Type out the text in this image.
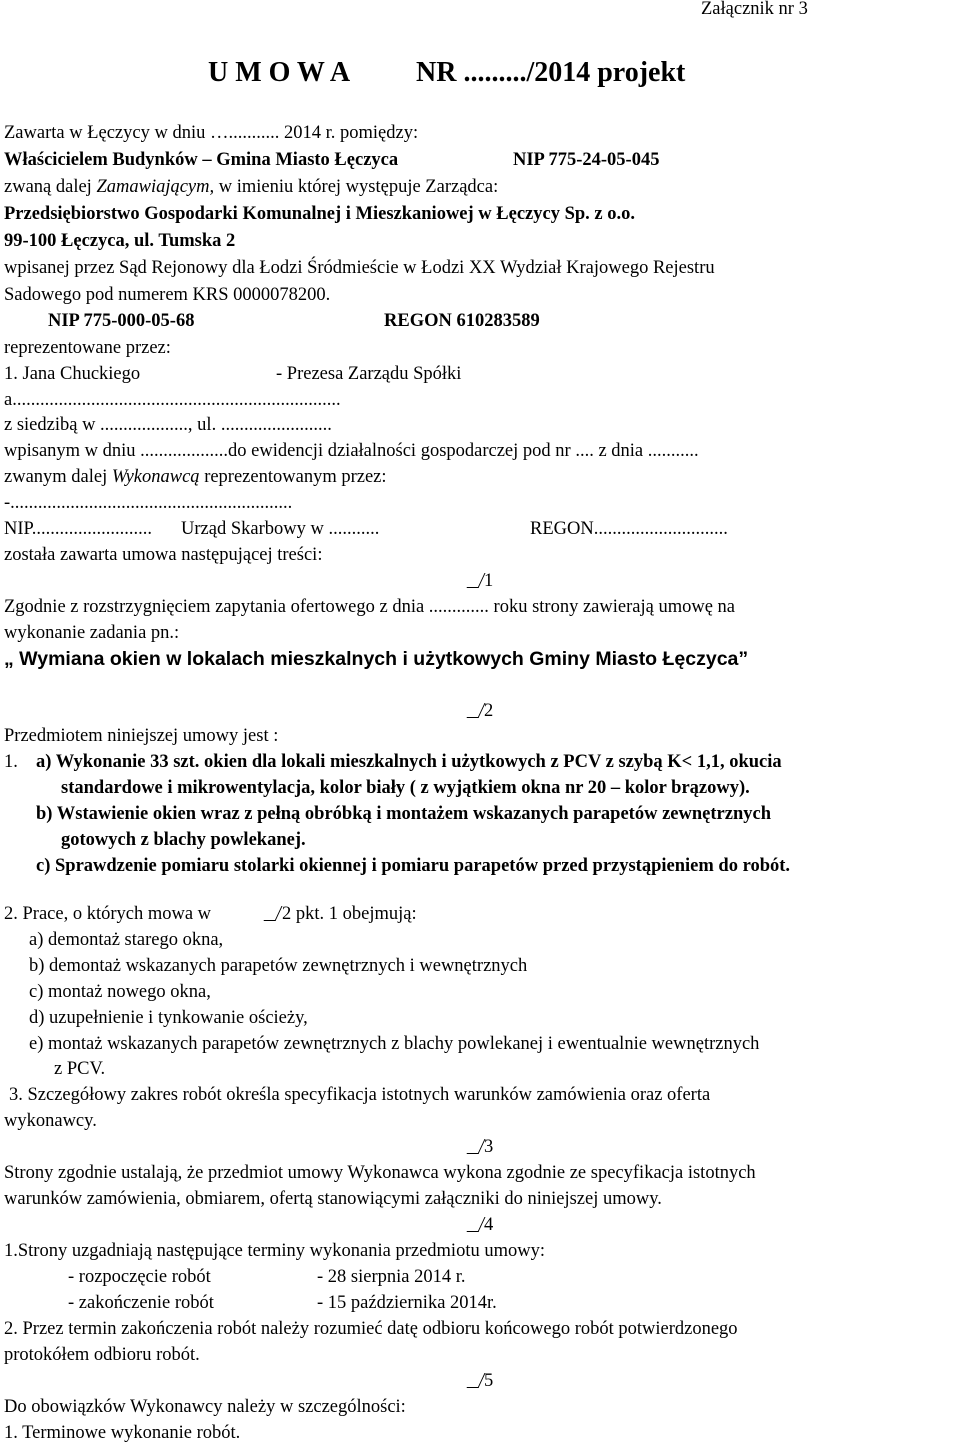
Załącznik nr 3
U M O W A NR ........./2014 projekt
Zawarta w Łęczycy w dniu …........... 2014 r. pomiędzy:
Właścicielem Budynków – Gmina Miasto Łęczyca	NIP 775-24-05-045
zwaną dalej Zamawiającym, w imieniu której występuje Zarządca:
Przedsiębiorstwo Gospodarki Komunalnej i Mieszkaniowej w Łęczycy Sp. z o.o.
99-100 Łęczyca, ul. Tumska 2
wpisanej przez Sąd Rejonowy dla Łodzi Śródmieście w Łodzi XX Wydział Krajowego Rejestru
Sadowego pod numerem KRS 0000078200.
NIP 775-000-05-68	REGON 610283589
reprezentowane przez:
1. Jana Chuckiego	- Prezesa Zarządu Spółki
a.......................................................................
z siedzibą w ..................., ul. ........................
wpisanym w dniu ...................do ewidencji działalności gospodarczej pod nr .... z dnia ...........
zwanym dalej Wykonawcą reprezentowanym przez:
-.............................................................
NIP.......................... Urząd Skarbowy w ...........	REGON.............................
została zawarta umowa następującej treści:
1
Zgodnie z rozstrzygnięciem zapytania ofertowego z dnia ............. roku strony zawierają umowę na
wykonanie zadania pn.:
„ Wymiana okien w lokalach mieszkalnych i użytkowych Gminy Miasto Łęczyca”
2
Przedmiotem niniejszej umowy jest :
1. a) Wykonanie 33 szt. okien dla lokali mieszkalnych i użytkowych z PCV z szybą K< 1,1, okucia
standardowe i mikrowentylacja, kolor biały ( z wyjątkiem okna nr 20 – kolor brązowy).
b) Wstawienie okien wraz z pełną obróbką i montażem wskazanych parapetów zewnętrznych
gotowych z blachy powlekanej.
c) Sprawdzenie pomiaru stolarki okiennej i pomiaru parapetów przed przystąpieniem do robót.
2. Prace, o których mowa w	2 pkt. 1 obejmują:
a) demontaż starego okna,
b) demontaż wskazanych parapetów zewnętrznych i wewnętrznych
c) montaż nowego okna,
d) uzupełnienie i tynkowanie ościeży,
e) montaż wskazanych parapetów zewnętrznych z blachy powlekanej i ewentualnie wewnętrznych
z PCV.
3. Szczegółowy zakres robót określa specyfikacja istotnych warunków zamówienia oraz oferta
wykonawcy.
3
Strony zgodnie ustalają, że przedmiot umowy Wykonawca wykona zgodnie ze specyfikacja istotnych
warunków zamówienia, obmiarem, ofertą stanowiącymi załączniki do niniejszej umowy.
4
1.Strony uzgadniają następujące terminy wykonania przedmiotu umowy:
- rozpoczęcie robót	- 28 sierpnia 2014 r.
- zakończenie robót	- 15 października 2014r.
2. Przez termin zakończenia robót należy rozumieć datę odbioru końcowego robót potwierdzonego
protokółem odbioru robót.
5
Do obowiązków Wykonawcy należy w szczególności:
1. Terminowe wykonanie robót.
